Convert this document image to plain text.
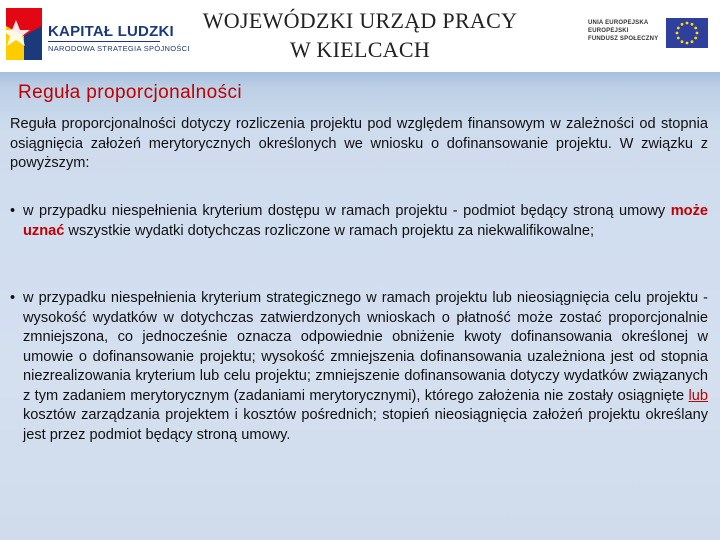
KAPITAŁ LUDZKI
NARODOWA STRATEGIA SPÓJNOŚCI
WOJEWÓDZKI URZĄD PRACY
W KIELCACH
UNIA EUROPEJSKA
EUROPEJSKI
FUNDUSZ SPOŁECZNY
Reguła proporcjonalności
Reguła proporcjonalności dotyczy rozliczenia projektu pod względem finansowym w zależności od stopnia osiągnięcia założeń merytorycznych określonych we wniosku o dofinansowanie projektu. W związku z powyższym:
• w przypadku niespełnienia kryterium dostępu w ramach projektu - podmiot będący stroną umowy może uznać wszystkie wydatki dotychczas rozliczone w ramach projektu za niekwalifikowalne;
• w przypadku niespełnienia kryterium strategicznego w ramach projektu lub nieosiągnięcia celu projektu - wysokość wydatków w dotychczas zatwierdzonych wnioskach o płatność może zostać proporcjonalnie zmniejszona, co jednocześnie oznacza odpowiednie obniżenie kwoty dofinansowania określonej w umowie o dofinansowanie projektu; wysokość zmniejszenia dofinansowania uzależniona jest od stopnia niezrealizowania kryterium lub celu projektu; zmniejszenie dofinansowania dotyczy wydatków związanych z tym zadaniem merytorycznym (zadaniami merytorycznymi), którego założenia nie zostały osiągnięte lub kosztów zarządzania projektem i kosztów pośrednich; stopień nieosiągnięcia założeń projektu określany jest przez podmiot będący stroną umowy.
